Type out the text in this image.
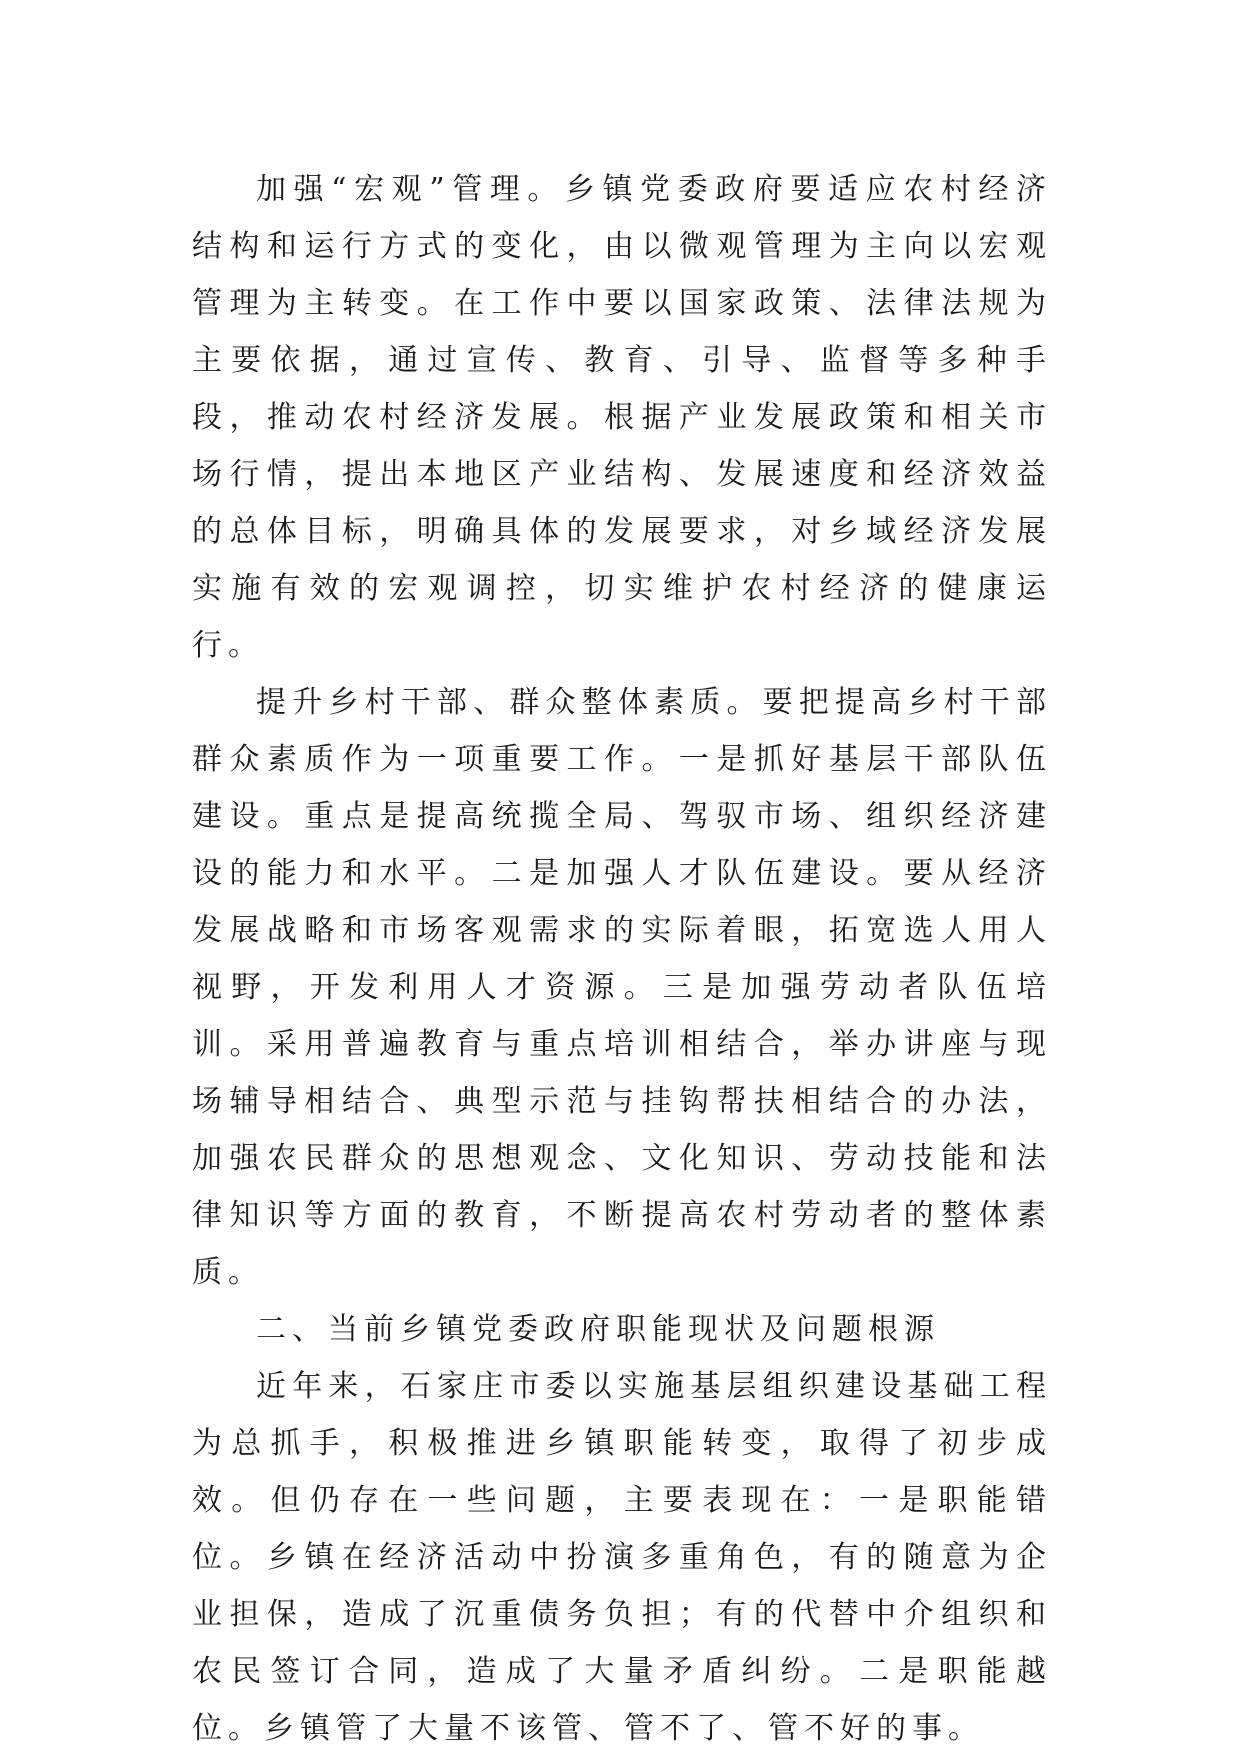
加强“宏观”管理。乡镇党委政府要适应农村经济结构和运行方式的变化，由以微观管理为主向以宏观管理为主转变。在工作中要以国家政策、法律法规为主要依据，通过宣传、教育、引导、监督等多种手段，推动农村经济发展。根据产业发展政策和相关市场行情，提出本地区产业结构、发展速度和经济效益的总体目标，明确具体的发展要求，对乡域经济发展实施有效的宏观调控，切实维护农村经济的健康运行。

提升乡村干部、群众整体素质。要把提高乡村干部群众素质作为一项重要工作。一是抓好基层干部队伍建设。重点是提高统揽全局、驾驭市场、组织经济建设的能力和水平。二是加强人才队伍建设。要从经济发展战略和市场客观需求的实际着眼，拓宽选人用人视野，开发利用人才资源。三是加强劳动者队伍培训。采用普遍教育与重点培训相结合，举办讲座与现场辅导相结合、典型示范与挂钩帮扶相结合的办法，加强农民群众的思想观念、文化知识、劳动技能和法律知识等方面的教育，不断提高农村劳动者的整体素质。

二、当前乡镇党委政府职能现状及问题根源

近年来，石家庄市委以实施基层组织建设基础工程为总抓手，积极推进乡镇职能转变，取得了初步成效。但仍存在一些问题，主要表现在：一是职能错位。乡镇在经济活动中扮演多重角色，有的随意为企业担保，造成了沉重债务负担；有的代替中介组织和农民签订合同，造成了大量矛盾纠纷。二是职能越位。乡镇管了大量不该管、管不了、管不好的事。
